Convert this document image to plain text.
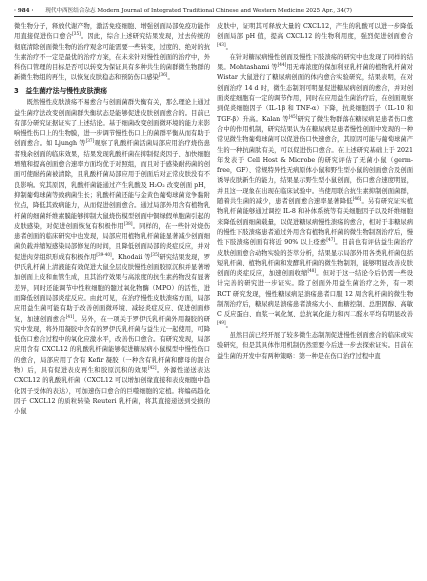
· 984 · 现代中西医结合杂志 Modern Journal of Integrated Traditional Chinese and Western Medicine 2025 Apr., 34(7)

微生物分子，释放代谢产物，激活免疫细胞、增强创面局部免疫功能作用直接促进伤口愈合[35]。因此，综合上述研究结果发现，过去传统的彻底清除创面微生物的治疗观念可能需要一些转变，过度的、绝对的抗生素治疗不一定是最优的治疗方案，在未来针对慢性创面的治疗中，外科伤口管理的目标是否可以转变为保证具有多种共生的菌群微生物群的新微生物组的再生，以恢复皮肤稳态和预防伤口感染[36]。

3　益生菌疗法与慢性皮肤溃疡

既然慢性皮肤溃疡不易愈合与创面菌群失衡有关，那么理论上通过益生菌疗法改变创面菌群失衡状态是能够促进皮肤创面愈合的。目前已有部分研究证据证实了上述结论。基于细菌改变创面微环境的能力来影响慢性伤口上的生物膜，进一步调节慢性伤口上的菌群平衡从而有助于创面愈合。如 Ljungh 等[37]观察了乳酸杆菌活菌局部应用治疗烧伤患者残余创面的临床效果，结果发现乳酸杆菌在抑制促炎因子、加快细胞增殖和提高创面愈合速率方面均优于对照组，而且对于感染耐药菌的创面可使耐药菌被清除，且乳酸杆菌局部应用于创面后对正常皮肤没有不良影响。究其原因，乳酸杆菌能通过产生乳酸及 H₂O₂ 改变创面 pH，抑制葡萄球菌等致病菌生长；乳酸杆菌还能与金黄色葡萄球菌竞争黏附位点，降低其致病能力，从而促进创面愈合。通过局部外用含有植物乳杆菌的细菌纤维素膜能够抑制大鼠烧伤模型创面中铜绿假单胞菌引起的皮肤感染，对促进创面恢复有积极作用[38]。同样的，在一些针对烧伤患者创面的临床研究中也发现，局部应用植物乳杆菌能显著减少创面细菌负载并缩短感染局部修复的时间，且降低创面局部的炎症反应，并对促进肉芽组织形成有积极作用[39-40]。Khodaii 等[35]研究结果发现，罗伊氏乳杆菌上清液能有效促进大鼠全层皮肤慢性创面胶原沉积并显著增加创面上皮和血管生成，且其治疗效果与高浓度的抗生素药物没有显著差异，同时还能调节中性粒细胞的髓过氧化物酶（MPO）的活性，进而降低创面局部炎症反应。由此可见，在治疗慢性皮肤溃疡方面，局部应用益生菌可能有助于改善创面微环境、减轻炎症反应、促进创面修复，加速创面愈合[41]。另外，在一项关于罗伊氏乳杆菌外用凝胶的研究中发现，将外用凝胶中含有的罗伊氏乳杆菌与益生元一起使用，可降低伤口愈合过程中的氧化应激水平，改善伤口愈合。有研究发现，局部应用含有 CXCL12 的乳酸乳杆菌能够促进糖尿病小鼠模型中慢性伤口的愈合，局部应用了含有 Kefir 凝胶（一种含有乳杆菌和酵母的混合物）后，具有促进表皮再生和胶原沉积的效果[42]。外源性递送表达 CXCL12 的乳酸乳杆菌（CXCL12 可以增加创缘直接和表皮细胞中趋化因子受体的表达），可加速伤口愈合的巨噬细胞的定植。将编码趋化因子 CXCL12 的质粒转染 Reuteri 乳杆菌，将其直接递送到受损的小鼠

皮肤中，证明其可释放大量的 CXCL12，产生的乳酸可以进一步降低创面局部 pH 值，提高 CXCL12 的生物利用度，强烈促进创面愈合[43]。

在针对糖尿病慢性创面及慢性下肢溃疡的研究中也发现了同样的结果。Mohtashami 等[44]用无毒浓度的保加利亚乳杆菌的植物乳杆菌对 Wistar 大鼠进行了糖尿病创面的体内愈合实验研究，结果表明，在对创面治疗 14 d 时，微生态制剂可明显促进糖尿病创面的愈合，并对创面炎症细胞有一定的调节作用，同时在应用益生菌治疗后，在创面观察到促炎细胞因子（IL-1β 和 TNF-α）下降，抗炎细胞因子（IL-10 和 TGF-β）升高。Kalan 等[45]研究了微生物群落在糖尿病足患者伤口愈合中的作用机制，研究结果认为在糖尿病足患者慢性创面中发现的一种常见微生物葡萄球菌可以促进伤口快速愈合，其原因可能与葡萄球菌产生的一种抗菌肽有关，可以促进伤口愈合。在上述研究基础上于 2021 年发表于 Cell Host & Microbe 的研究评估了无菌小鼠（germ-free，GF）、常规特异性无病原体小鼠和野生型小鼠的创面愈合及创面诱导皮肤新生的能力，结果显示野生型小鼠创面，伤口愈合速度明显，并且这一现象在出现在临床试验中。当使用联合抗生素抑制创面菌群，随着共生菌的减少，患者创面愈合速率显著降低[46]。另有研究证实植物乳杆菌能够通过调控 IL-8 和补体系统等有关细胞因子以及纤维细胞来降低创面细菌载量，以促进糖尿病慢性溃疡的愈合，相对于非糖尿病的慢性下肢溃疡患者通过外用含有植物乳杆菌的微生物制剂治疗后，慢性下肢溃疡创面有将近 90% 以上痊愈[47]。目前也有评估益生菌治疗皮肤创面愈合动物实验的荟萃分析，结果显示局部外用各类乳杆菌包括短乳杆菌、植物乳杆菌和发酵乳杆菌的微生物制剂，能够明显改善皮肤创面的炎症反应，加速创面收缩[48]。但对于这一结论今后仍需一些设计完善的研究进一步证实。除了创面外用益生菌治疗之外，有一项 RCT 研究发现，慢性糖尿病足溃疡患者口服 12 周含乳杆菌的微生物制剂治疗后，糖尿病足溃疡患者溃疡大小、血糖控制、总胆固醇、高敏 C 反应蛋白、血浆一氧化氮、总抗氧化能力和丙二醛水平均有明显改善[49]。

虽然目前已经开展了较多微生态制剂促进慢性创面愈合的临床或实验研究，但是其具体作用机制仍然需要今后进一步去探索证实。目前在益生菌的开发中有两种策略：第一种是在伤口治疗过程中直
